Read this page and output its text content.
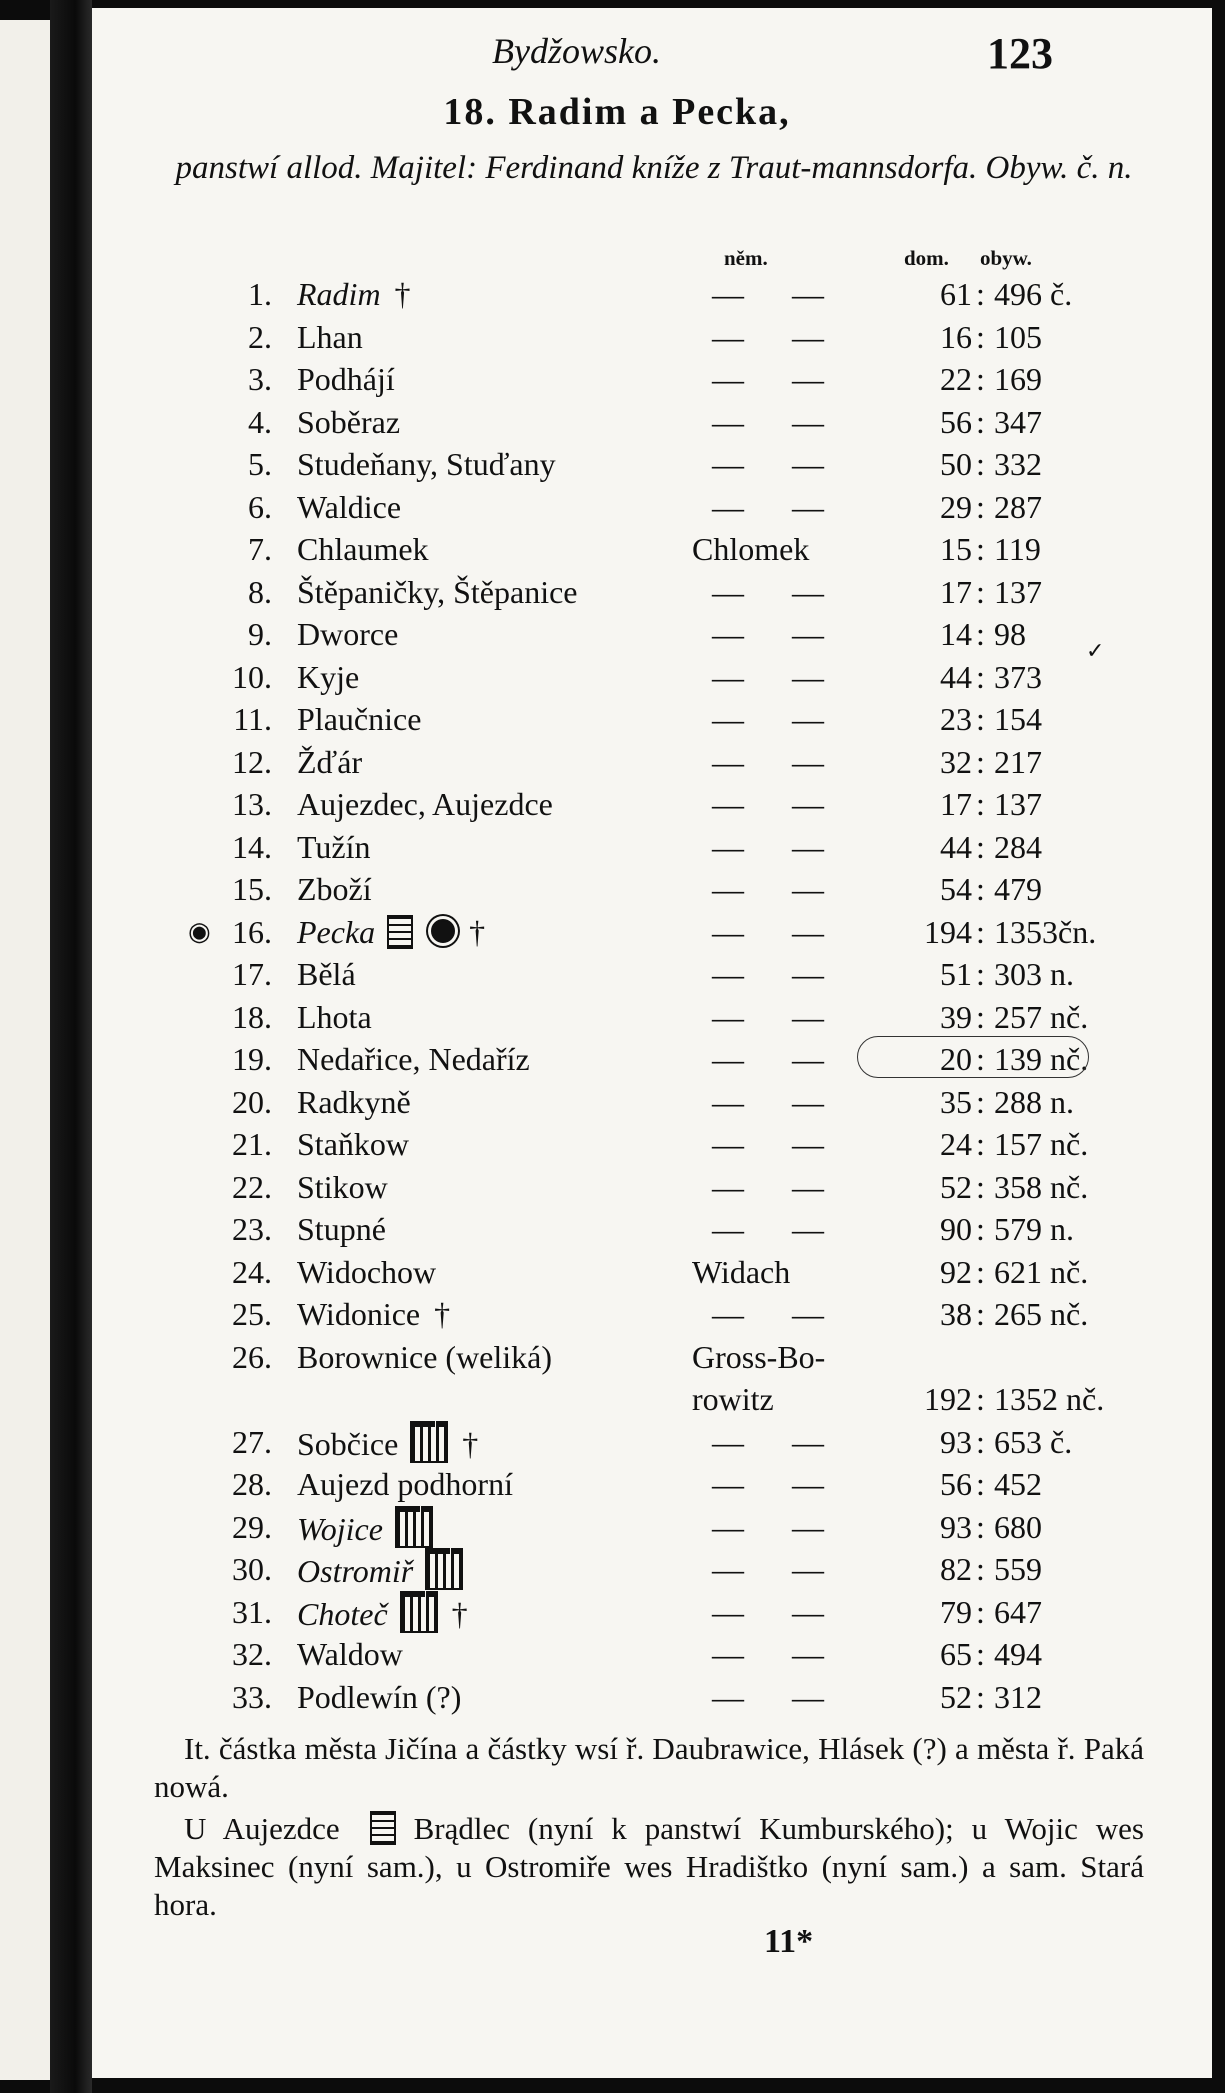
Bydžowsko.	123
18. Radim a Pecka,
panstwí allod. Majitel: Ferdinand kníže z Traut-mannsdorfa. Obyw. č. n.
něm.	dom. obyw.
1. Radim †	— —	61 : 496 č.
2. Lhan	— —	16 : 105
3. Podhájí	— —	22 : 169
4. Soběraz	— —	56 : 347
5. Studeňany, Stuďany	— —	50 : 332
6. Waldice	— —	29 : 287
7. Chlaumek	Chlomek	15 : 119
8. Štěpaničky, Štěpanice	— —	17 : 137
9. Dworce	— —	14 : 98
10. Kyje	— —	44 : 373
11. Plaučnice	— —	23 : 154
12. Žďár	— —	32 : 217
13. Aujezdec, Aujezdce	— —	17 : 137
14. Tužín	— —	44 : 284
15. Zboží	— —	54 : 479
◉ 16. Pecka	†	— —	194 : 1353čn.
17. Bělá	— —	51 : 303 n.
18. Lhota	— —	39 : 257 nč.
19. Nedařice, Nedaříz	— —	20 : 139 nč.
20. Radkyně	— —	35 : 288 n.
21. Staňkow	— —	24 : 157 nč.
22. Stikow	— —	52 : 358 nč.
23. Stupné	— —	90 : 579 n.
24. Widochow	Widach	92 : 621 nč.
25. Widonice †	— —	38 : 265 nč.
26. Borownice (weliká)	Gross-Bo-rowitz	192 : 1352 nč.
27. Sobčice †	— —	93 : 653 č.
28. Aujezd podhorní	— —	56 : 452
29. Wojice	— —	93 : 680
30. Ostromiř	— —	82 : 559
31. Choteč †	— —	79 : 647
32. Waldow	— —	65 : 494
33. Podlewín (?)	— —	52 : 312
✓

It. částka města Jičína a částky wsí ř. Daubrawice, Hlásek (?) a města ř. Paká nowá.

U Aujezdce Brądlec (nyní k panstwí Kumburského); u Wojic wes Maksinec (nyní sam.), u Ostromiře wes Hradištko (nyní sam.) a sam. Stará hora.

11*
